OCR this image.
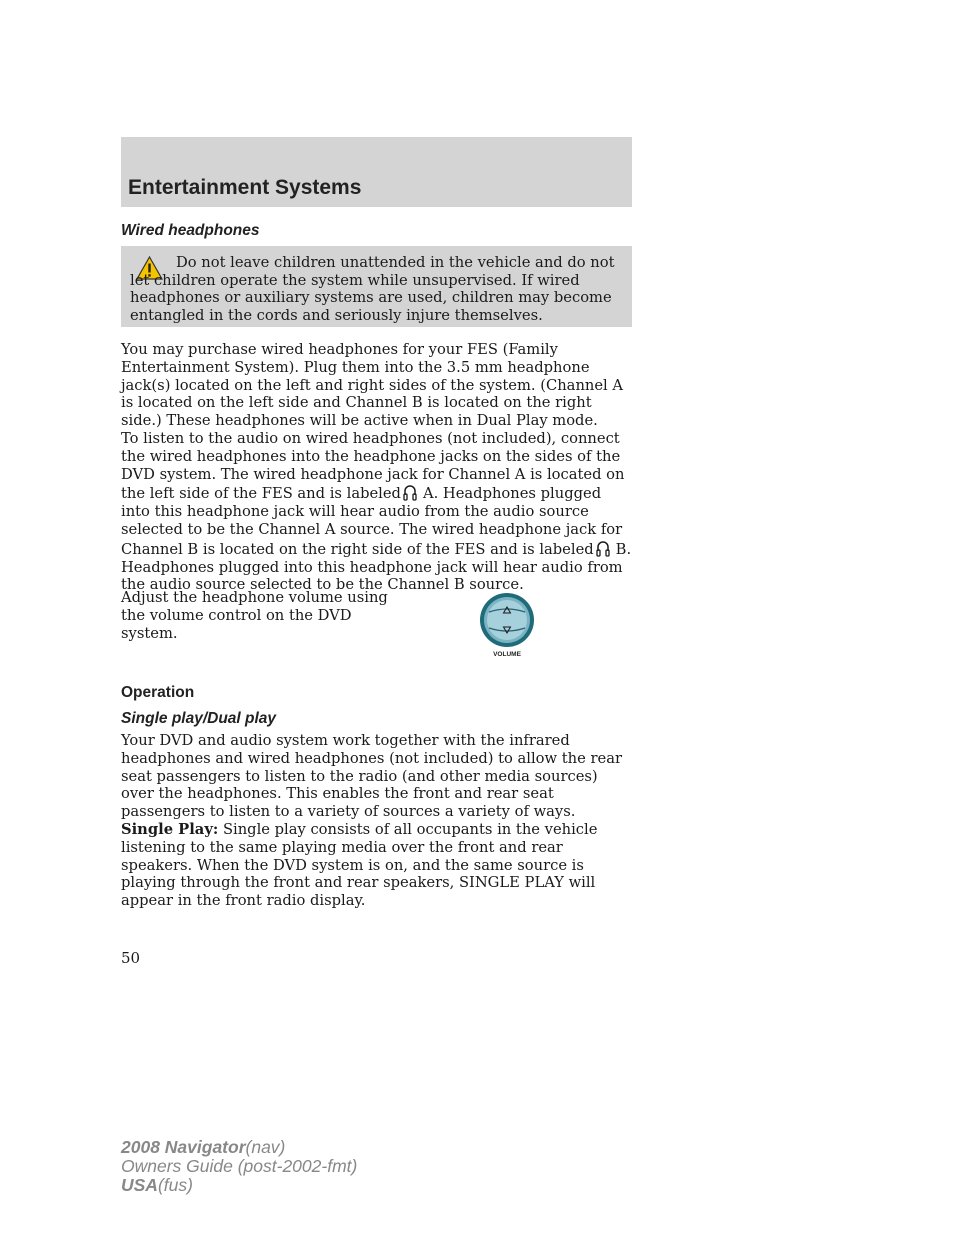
Entertainment Systems
Wired headphones

Do not leave children unattended in the vehicle and do not let children operate the system while unsupervised. If wired headphones or auxiliary systems are used, children may become entangled in the cords and seriously injure themselves.

You may purchase wired headphones for your FES (Family Entertainment System). Plug them into the 3.5 mm headphone jack(s) located on the left and right sides of the system. (Channel A is located on the left side and Channel B is located on the right side.) These headphones will be active when in Dual Play mode.

To listen to the audio on wired headphones (not included), connect the wired headphones into the headphone jacks on the sides of the DVD system. The wired headphone jack for Channel A is located on the left side of the FES and is labeled A. Headphones plugged into this headphone jack will hear audio from the audio source selected to be the Channel A source. The wired headphone jack for Channel B is located on the right side of the FES and is labeled B. Headphones plugged into this headphone jack will hear audio from the audio source selected to be the Channel B source.

Adjust the headphone volume using the volume control on the DVD system.

VOLUME
Operation
Single play/Dual play

Your DVD and audio system work together with the infrared headphones and wired headphones (not included) to allow the rear seat passengers to listen to the radio (and other media sources) over the headphones. This enables the front and rear seat passengers to listen to a variety of sources a variety of ways.

Single Play: Single play consists of all occupants in the vehicle listening to the same playing media over the front and rear speakers. When the DVD system is on, and the same source is playing through the front and rear speakers, SINGLE PLAY will appear in the front radio display.

50
2008 Navigator(nav)
Owners Guide (post-2002-fmt)
USA(fus)
